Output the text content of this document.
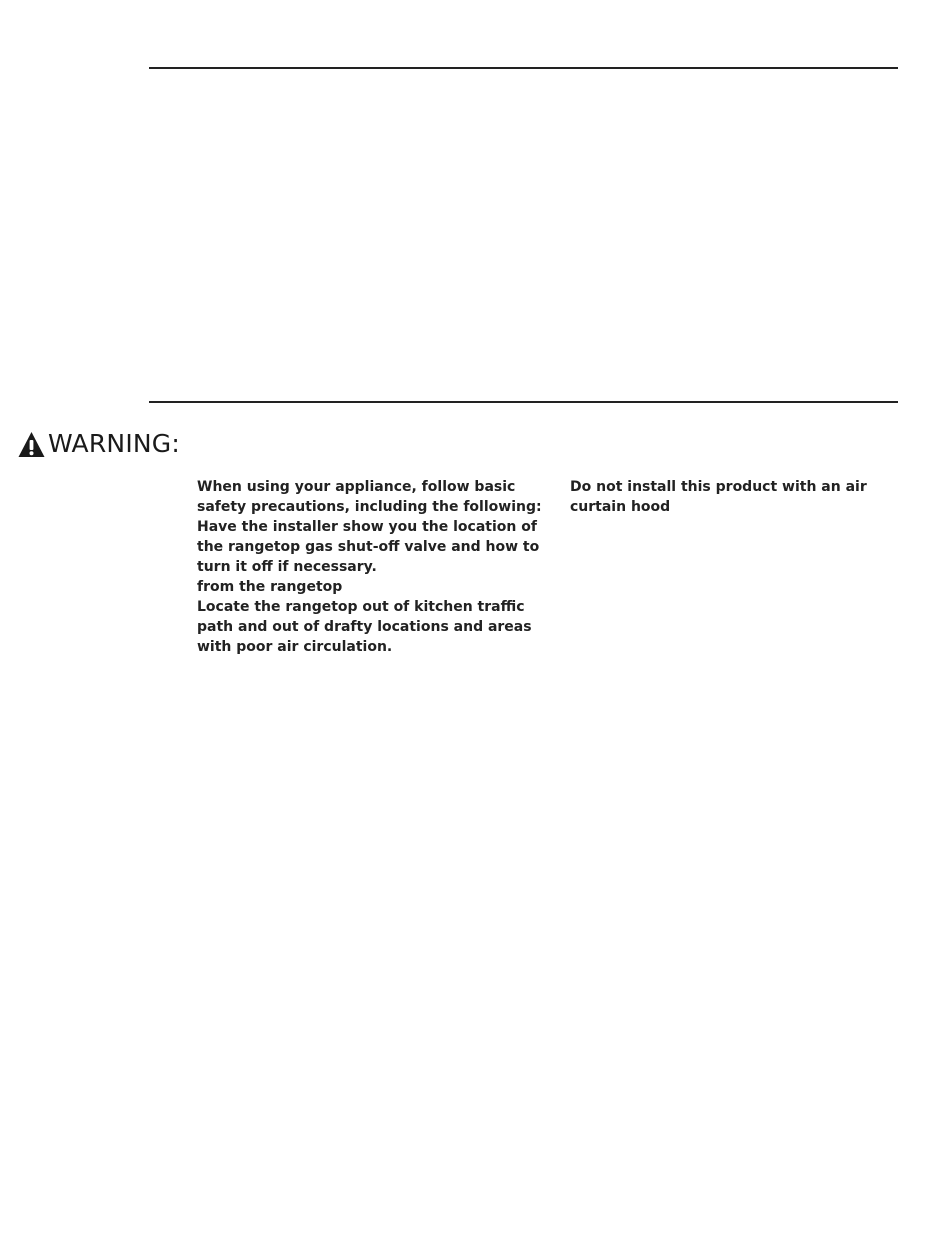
WARNING:

When using your appliance, follow basic safety precautions, including the following:

Have the installer show you the location of the rangetop gas shut-off valve and how to turn it off if necessary.

from the rangetop

Locate the rangetop out of kitchen traffic path and out of drafty locations and areas with poor air circulation.

Do not install this product with an air curtain hood
